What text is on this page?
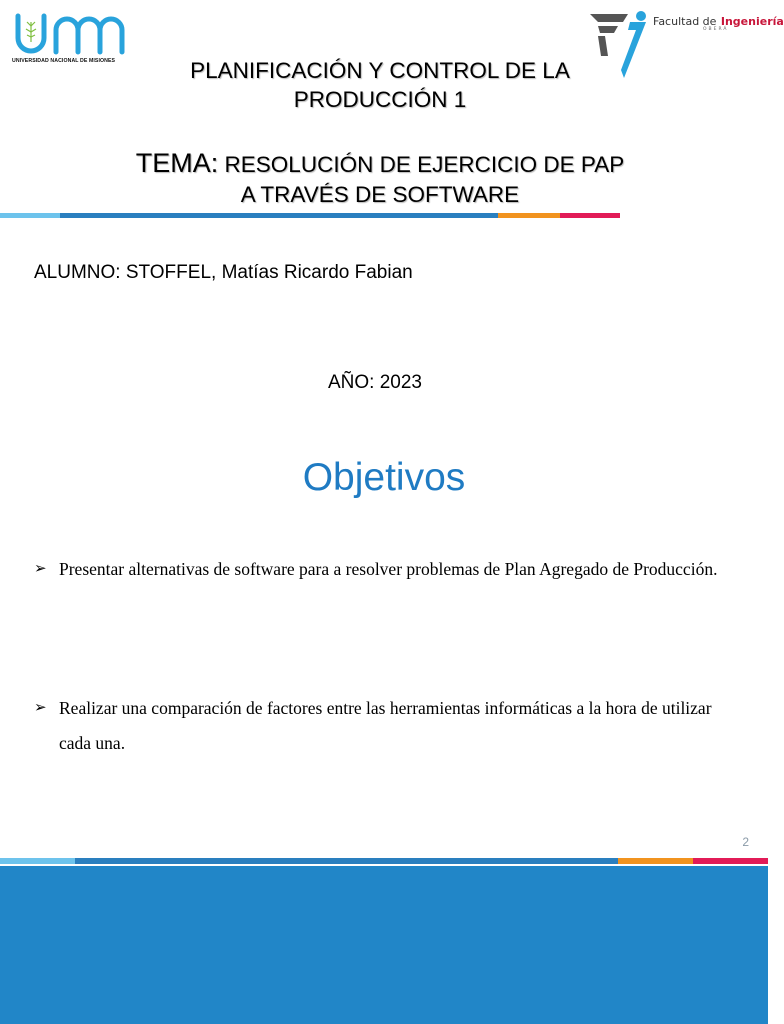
UNIVERSIDAD NACIONAL DE MISIONES
Facultad de Ingeniería
OBERÁ
PLANIFICACIÓN Y CONTROL DE LA
PRODUCCIÓN 1
TEMA: RESOLUCIÓN DE EJERCICIO DE PAP
A TRAVÉS DE SOFTWARE
ALUMNO: STOFFEL, Matías Ricardo Fabian
AÑO: 2023
Objetivos
➢ Presentar alternativas de software para a resolver problemas de Plan Agregado de Producción.
➢ Realizar una comparación de factores entre las herramientas informáticas a la hora de utilizar cada una.
2
